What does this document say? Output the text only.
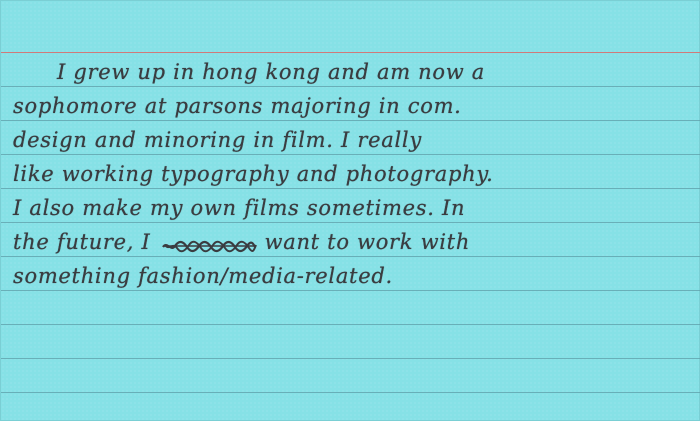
I grew up in hong kong and am now a
sophomore at parsons majoring in com.
design and minoring in film. I really
like working typography and photography.
I also make my own films sometimes. In
the future, I	want to work with
something fashion/media-related.
